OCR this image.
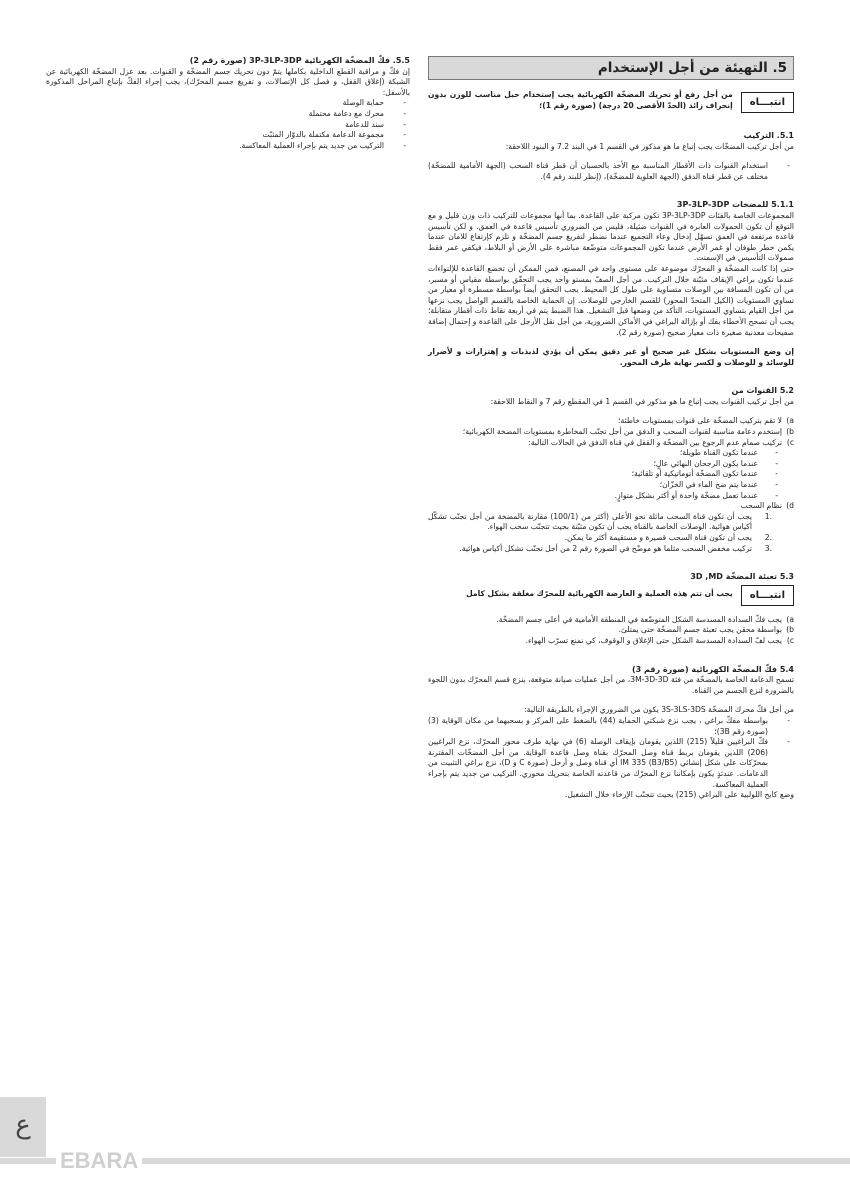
5. التهيئة من أجل الإستخدام
انتبـــاه

من أجل رفع أو تحريك المضخّة الكهربائية يجب إستخدام حبل مناسب للوزن بدون إنحراف زائد (الحدّ الأقصى 20 درجة) (صورة رقم 1)؛

5.1. التركيب

من أجل تركيب المضخّات يجب إتباع ما هو مذكور في القسم 1 في البند 7.2 و البنود اللاحقة:

-
استخدام القنوات ذات الأقطار المناسبة مع الأخذ بالحسبان أن قطر قناة السحب (الجهة الأمامية للمضخّة) مختلف عن قطر قناة الدفق (الجهة العلوية للمضخّة)، (إنظر للبند رقم 4).

5.1.1 للمضخات 3P-3LP-3DP

المجموعات الخاصة بالفئات 3P-3LP-3DP تكون مركبة على القاعدة. بما أنها مجموعات للتركيب ذات وزن قليل و مع التوقع أن تكون الحمولات العابرة في القنوات ضئيلة، فليس من الضروري تأسيس قاعدة في العمق. و لكن تأسيس قاعدة مرتفعة في العمق تسهّل إدخال وعاء التجميع عندما نضطر لتفريغ جسم المضخّة و تلزم كإرتفاع للامان عندما يكمن خطر طوفان أو غمر الأرض عندما تكون المجموعات متوضّعة مباشرة على الأرض أو البلاط، فيكفي غمر فقط صمولات التأسيس في الإسمنت.

حتى إذا كانت المضخّة و المحرّك موضوعة على مستوى واحد في المصنع، فمن الممكن أن تخضع القاعدة للإلتواءات عندما تكون براغي الإيقاف مثبّتة خلال التركيب. من أجل الصفّ بمستو واحد يجب التحقّق بواسطة مقياس أو مسبر، من أن تكون المسافة بين الوصلات متساوية على طول كل المحيط. يجب التحقق أيضاً بواسطة مسطرة أو معيار من تساوي المستويات (الكيل المتحدّ المحور) للقسم الخارجي للوصلات. إن الحماية الخاصة بالقسم الواصل يجب نزعها من أجل القيام بتساوي المستويات، التأكد من وضعها قبل التشغيل. هذا الضبط يتم في أربعة نقاط ذات أقطار متقابلة؛ يجب أن تصحح الأخطاء بفك أو بإزالة البراغي في الأماكن الضرورية، من أجل نقل الأرجل على القاعدة و إحتمال إضافة صفيحات معدنية صغيرة ذات معيار صحيح (صورة رقم 2).

إن وضع المستويات بشكل غير صحيح أو غير دقيق يمكن أن يؤدي لذبذبات و إهتزازات و لأضرار للوسائد و للوصلات و لكسر نهاية طرف المحور.

5.2 القنوات من

من أجل تركيب القنوات يجب إتباع ما هو مذكور في القسم 1 في المقطع رقم 7 و النقاط اللاحقة:

a)
لا تقم بتركيب المضخّة على قنوات بمستويات خاطئة؛
b)
إستخدم دعامة مناسبة لقنوات السحب و الدفق من أجل تجنّب المخاطرة بمستويات المضخة الكهربائية؛
c)
تركيب صمام عدم الرجوع بين المضخّة و القفل في قناة الدفق في الحالات التالية:
-
عندما تكون القناة طويلة؛
-
عندما يكون الرجحان النهائي عالٍ؛
-
عندما تكون المضخّة أتوماتيكية أو تلقائية؛
-
عندما يتم ضخ الماء في الخزّان؛
-
عندما تعمل مضخّة واحدة أو أكثر بشكل متوازٍ.
d)
نظام السحب
.1
يجب أن تكون قناة السحب مائلة نحو الأعلى (أكثر من (100/1) مقارنة بالمضخة من أجل تجنّب تشكّل أكياس هوائية. الوصلات الخاصة بالقناة يجب أن تكون مثبّتة بحيث تتجنّب سحب الهواء.
.2
يجب أن تكون قناة السحب قصيرة و مستقيمة أكثر ما يمكن.
.3
تركيب مخفض السحب مثلما هو موضّح في الصورة رقم 2 من أجل تجنّب تشكل أكياس هوائية.

5.3 تعبئة المضخّة 3D ,MD

انتبـــاه

يجب أن تتم هذه العملية و العارضة الكهربائية للمحرّك مغلقة بشكل كامل

a)
يجب فكّ السدادة المسدسة الشكل المتوضّعة في المنطقة الأمامية في أعلى جسم المضخّة.
b)
بواسطة محقن يجب تعبئة جسم المضخّة حتى يمتلئ.
c)
يجب لفّ السدادة المسدسة الشكل حتى الإغلاق و الوقوف، كي نمنع تسرّب الهواء.

5.4 فكّ المضخّة الكهربائية (صورة رقم 3)

تسمح الدعامة الخاصة بالمضخّة من فئة 3M-3D-3D، من أجل عمليات صيانة متوقعة، بنزع قسم المحرّك بدون اللجوء بالضرورة لنزع الجسم من القناة.

من أجل فكّ محرك المضخّة 3S-3LS-3DS يكون من الضروري الإجراء بالطريقة التالية:

-
بواسطة مفكّ براغي ، يجب نزع شبكتي الحماية (44) بالضغط على المركز و بسحبهما من مكان الوقاية (3) (صورة رقم 3B)؛
-
فكّ البراغيين قليلاً (215) اللذين يقومان بإيقاف الوصلة (6) في نهاية طرف محور المحرّك، نزع البراغيين (206) اللذين يقومان بربط قناة وصل المحرّك بقناة وصل قاعدة الوقاية. من أجل المضخّات المقترنة بمحرّكات على شكل إنشائي IM 335 (B3/B5) أي قناة وصل و أرجل (صورة C و D)، نزع براغي التثبيت من الدعامات. عندئذٍ يكون بإمكاننا نزع المحرّك من قاعدته الخاصة بتحريك محوري. التركيب من جديد يتم بإجراء العملية المعاكسة.

وضع كابح اللولبية على البراغي (215) بحيث تتجنّب الإرخاء خلال التشغيل.

5.5. فكّ المضخّة الكهربائية 3P-3LP-3DP (صورة رقم 2)

إن فكّ و مراقبة القطع الداخلية بكاملها يتمّ دون تحريك جسم المضخّة و القنوات. بعد عزل المضخّة الكهربائية عن الشبكة (إغلاق القفل، و فصل كل الإتصالات، و تفريغ جسم المحرّك)، يجب إجراء الفكّ بإتباع المراحل المذكورة بالأسفل:

-
حماية الوصلة
-
محرك مع دعامة محتملة
-
سند للدعامة
-
مجموعة الدعامة مكتملة بالدوّار المثبّت
-
التركيب من جديد يتم بإجراء العملية المعاكسة.
ع
EBARA
